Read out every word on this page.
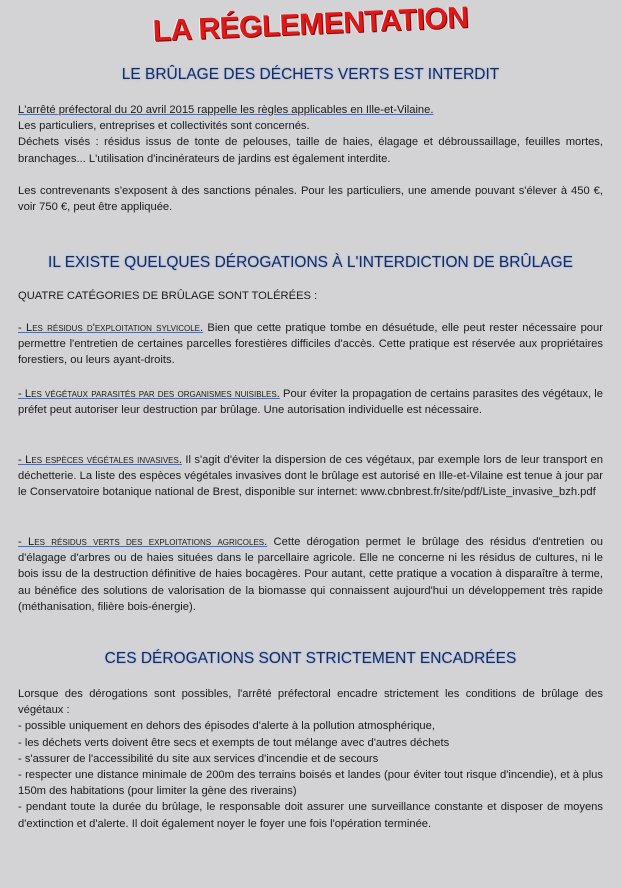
LA RÉGLEMENTATION
LE BRÛLAGE DES DÉCHETS VERTS EST INTERDIT

L'arrêté préfectoral du 20 avril 2015 rappelle les règles applicables en Ille-et-Vilaine.
Les particuliers, entreprises et collectivités sont concernés.
Déchets visés : résidus issus de tonte de pelouses, taille de haies, élagage et débroussaillage, feuilles mortes, branchages... L'utilisation d'incinérateurs de jardins est également interdite.

Les contrevenants s'exposent à des sanctions pénales. Pour les particuliers, une amende pouvant s'élever à 450 €, voir 750 €, peut être appliquée.

IL EXISTE QUELQUES DÉROGATIONS À L'INTERDICTION DE BRÛLAGE

QUATRE CATÉGORIES DE BRÛLAGE SONT TOLÉRÉES :

- Les résidus d'exploitation sylvicole. Bien que cette pratique tombe en désuétude, elle peut rester nécessaire pour permettre l'entretien de certaines parcelles forestières difficiles d'accès. Cette pratique est réservée aux propriétaires forestiers, ou leurs ayant-droits.

- Les végétaux parasités par des organismes nuisibles. Pour éviter la propagation de certains parasites des végétaux, le préfet peut autoriser leur destruction par brûlage. Une autorisation individuelle est nécessaire.

- Les espèces végétales invasives. Il s'agit d'éviter la dispersion de ces végétaux, par exemple lors de leur transport en déchetterie. La liste des espèces végétales invasives dont le brûlage est autorisé en Ille-et-Vilaine est tenue à jour par le Conservatoire botanique national de Brest, disponible sur internet: www.cbnbrest.fr/site/pdf/Liste_invasive_bzh.pdf

- Les résidus verts des exploitations agricoles. Cette dérogation permet le brûlage des résidus d'entretien ou d'élagage d'arbres ou de haies situées dans le parcellaire agricole. Elle ne concerne ni les résidus de cultures, ni le bois issu de la destruction définitive de haies bocagères. Pour autant, cette pratique a vocation à disparaître à terme, au bénéfice des solutions de valorisation de la biomasse qui connaissent aujourd'hui un développement très rapide (méthanisation, filière bois-énergie).

CES DÉROGATIONS SONT STRICTEMENT ENCADRÉES

Lorsque des dérogations sont possibles, l'arrêté préfectoral encadre strictement les conditions de brûlage des végétaux :
- possible uniquement en dehors des épisodes d'alerte à la pollution atmosphérique,
- les déchets verts doivent être secs et exempts de tout mélange avec d'autres déchets
- s'assurer de l'accessibilité du site aux services d'incendie et de secours
- respecter une distance minimale de 200m des terrains boisés et landes (pour éviter tout risque d'incendie), et à plus 150m des habitations (pour limiter la gène des riverains)
- pendant toute la durée du brûlage, le responsable doit assurer une surveillance constante et disposer de moyens d'extinction et d'alerte. Il doit également noyer le foyer une fois l'opération terminée.
